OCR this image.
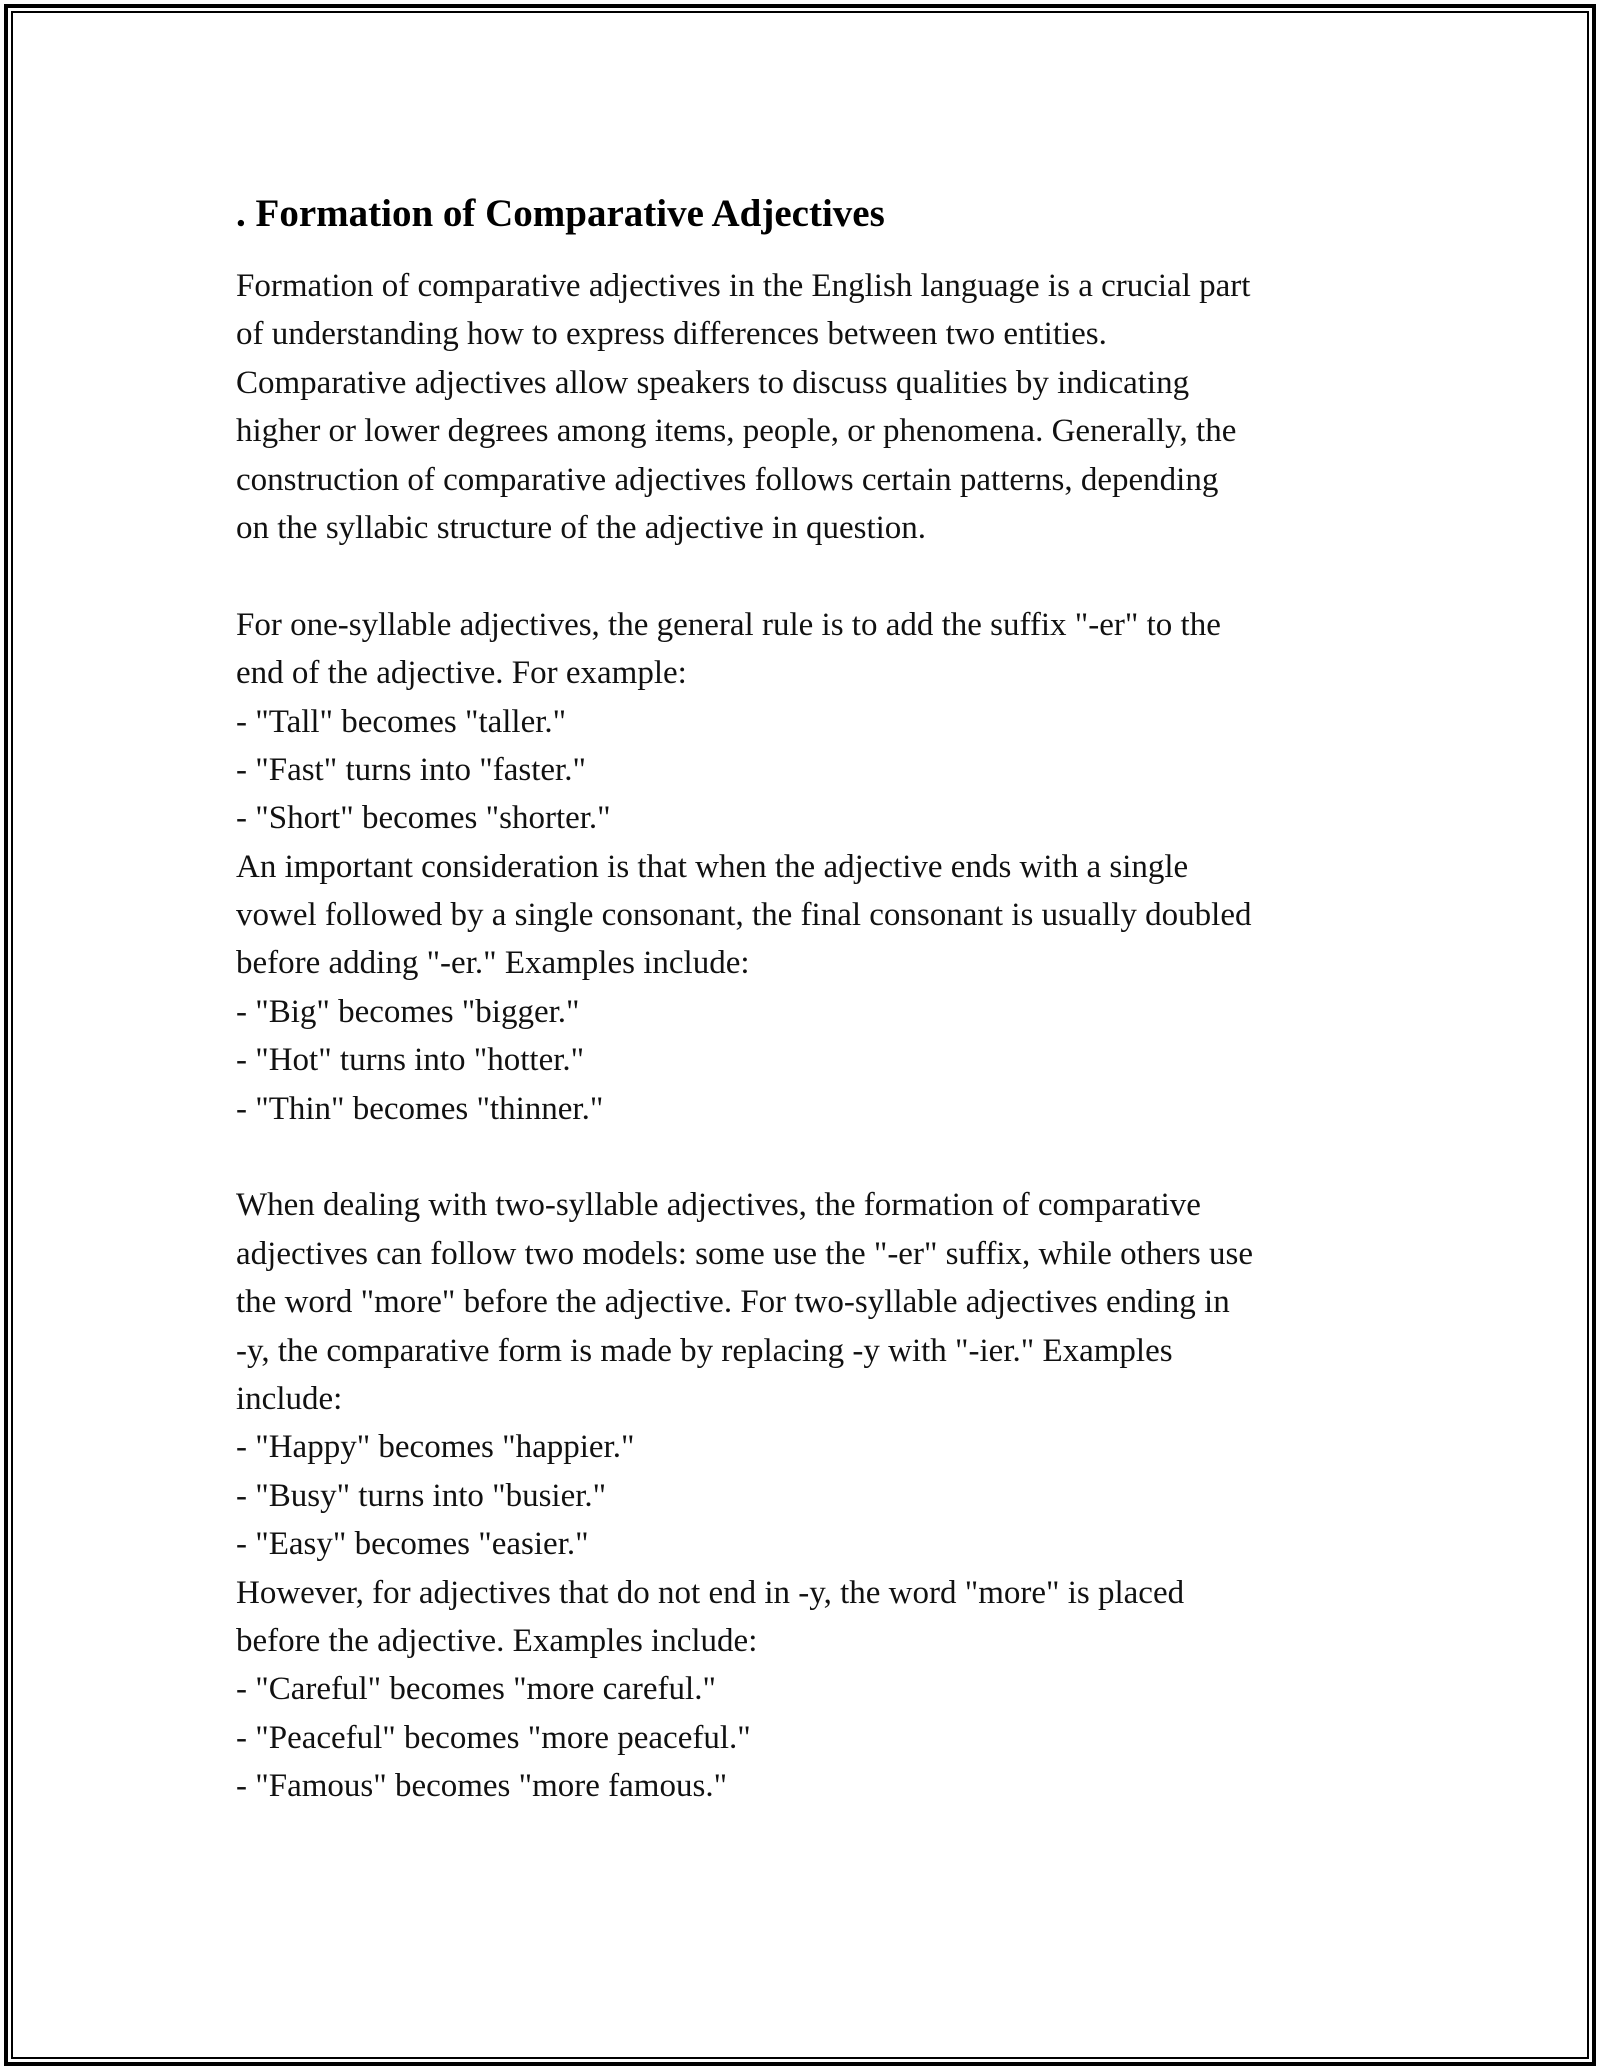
. Formation of Comparative Adjectives
Formation of comparative adjectives in the English language is a crucial part
of understanding how to express differences between two entities.
Comparative adjectives allow speakers to discuss qualities by indicating
higher or lower degrees among items, people, or phenomena. Generally, the
construction of comparative adjectives follows certain patterns, depending
on the syllabic structure of the adjective in question.
For one-syllable adjectives, the general rule is to add the suffix "-er" to the
end of the adjective. For example:
- "Tall" becomes "taller."
- "Fast" turns into "faster."
- "Short" becomes "shorter."
An important consideration is that when the adjective ends with a single
vowel followed by a single consonant, the final consonant is usually doubled
before adding "-er." Examples include:
- "Big" becomes "bigger."
- "Hot" turns into "hotter."
- "Thin" becomes "thinner."
When dealing with two-syllable adjectives, the formation of comparative
adjectives can follow two models: some use the "-er" suffix, while others use
the word "more" before the adjective. For two-syllable adjectives ending in
-y, the comparative form is made by replacing -y with "-ier." Examples
include:
- "Happy" becomes "happier."
- "Busy" turns into "busier."
- "Easy" becomes "easier."
However, for adjectives that do not end in -y, the word "more" is placed
before the adjective. Examples include:
- "Careful" becomes "more careful."
- "Peaceful" becomes "more peaceful."
- "Famous" becomes "more famous."
